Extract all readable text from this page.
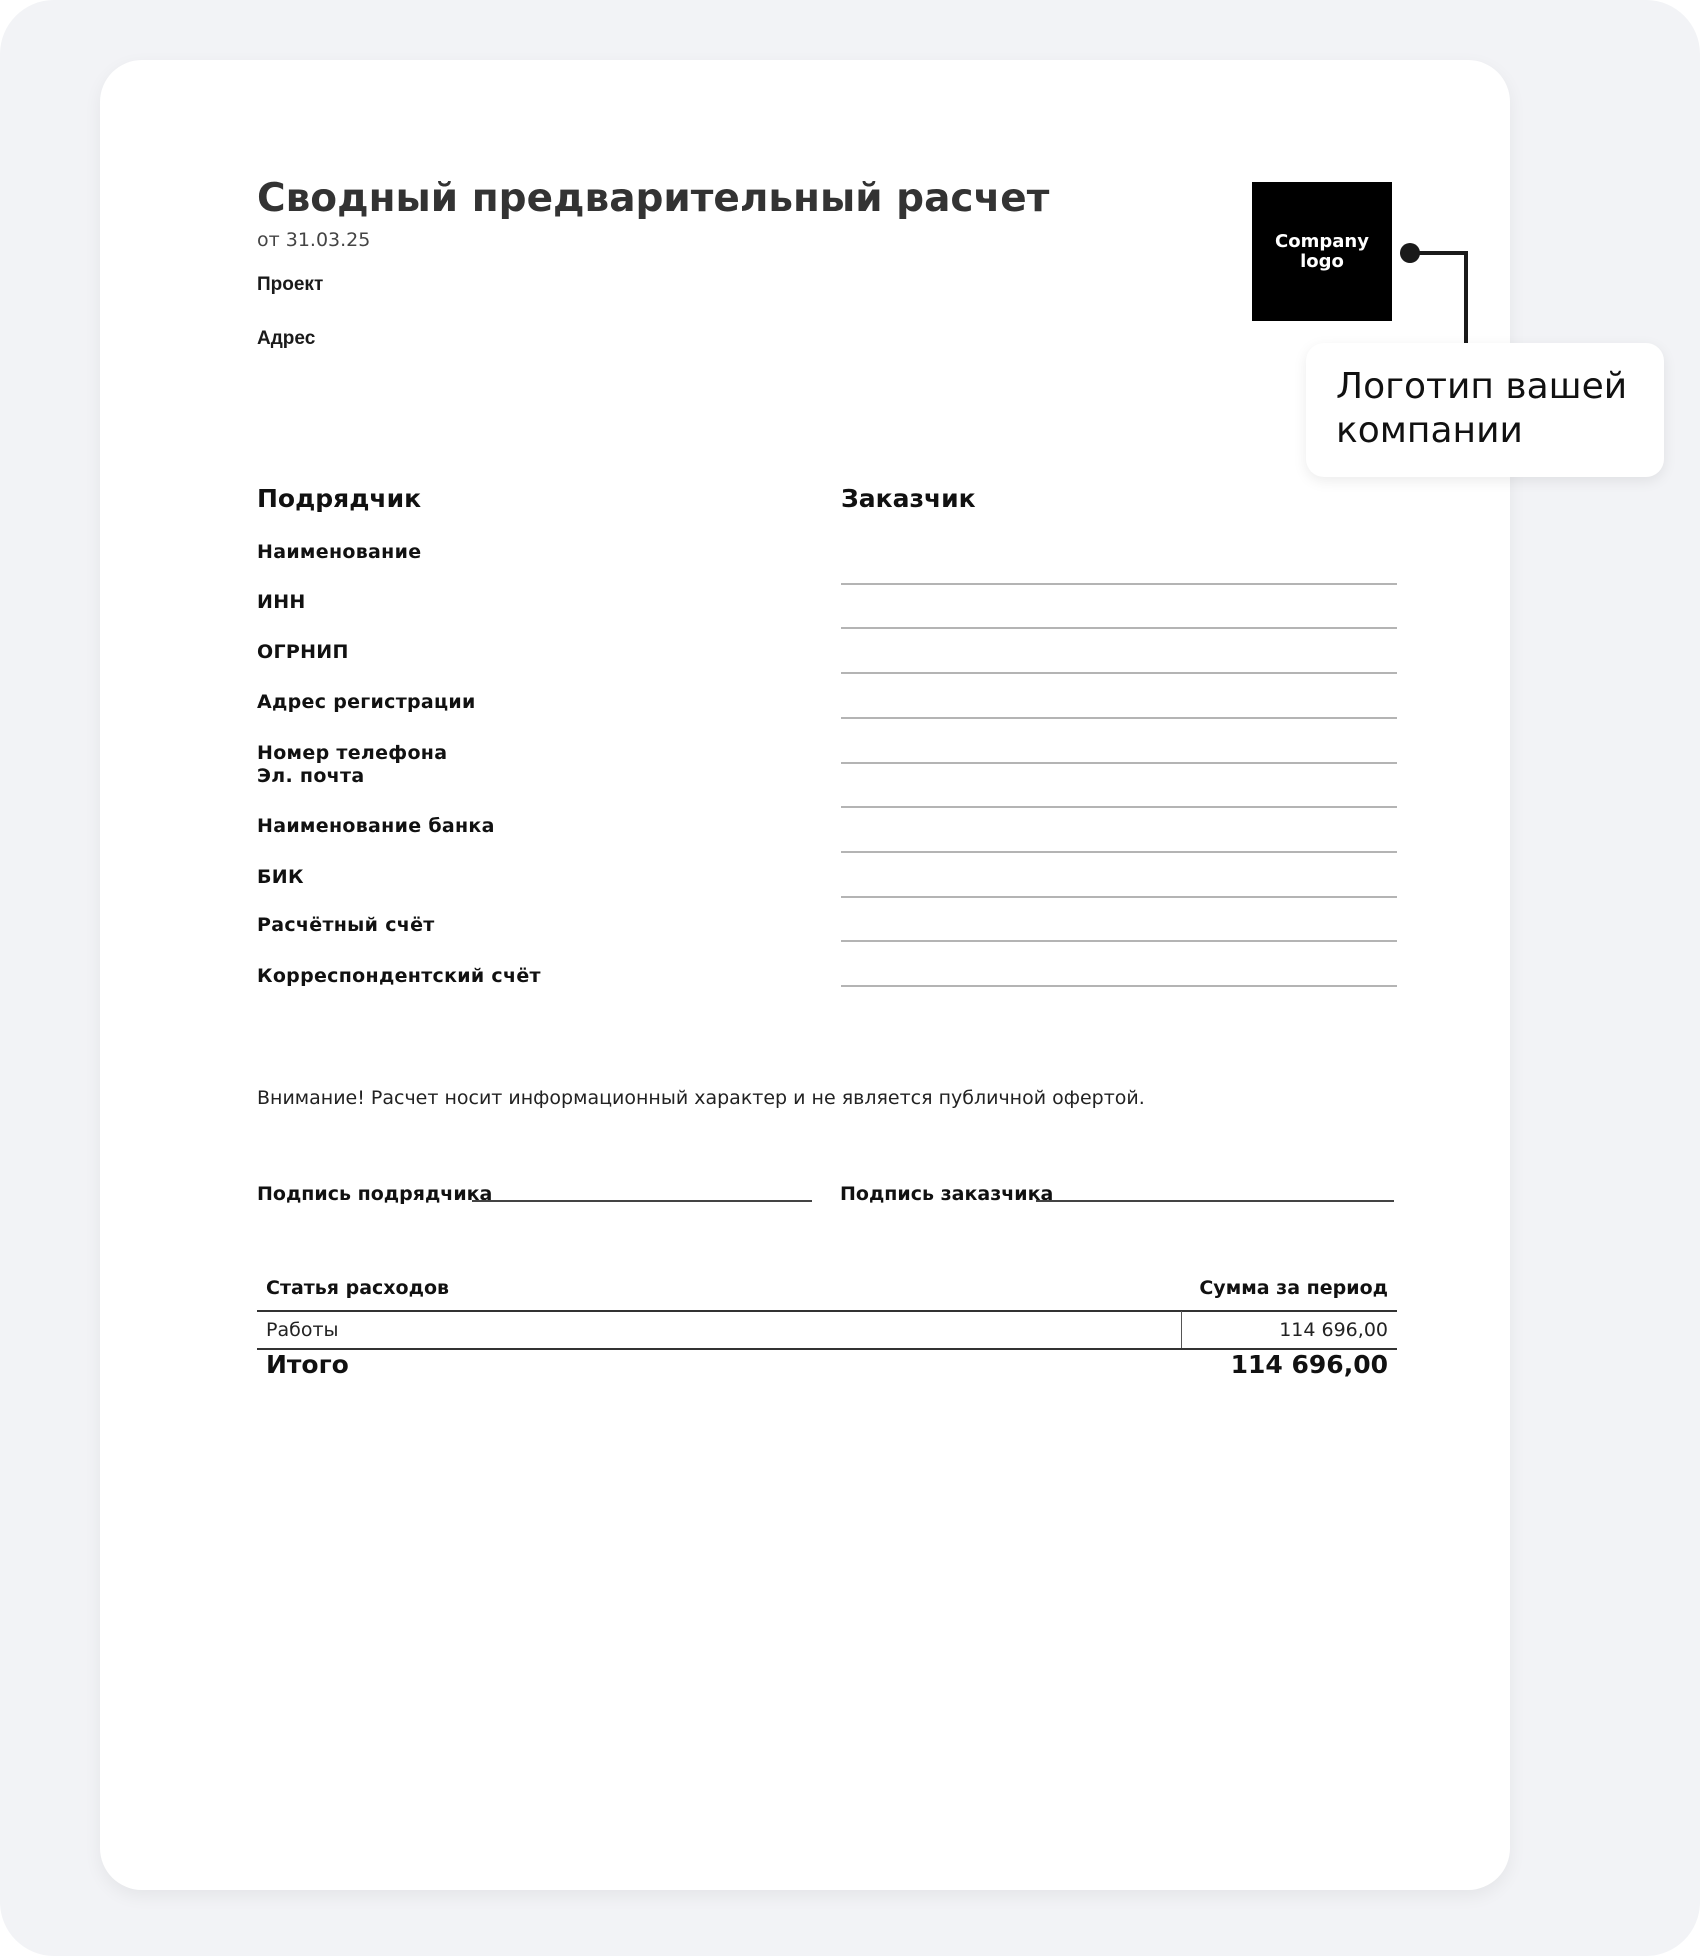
Сводный предварительный расчет
от 31.03.25
Проект
Адрес
Company logo
Логотип вашей компании
Подрядчик	Заказчик
Наименование
ИНН
ОГРНИП
Адрес регистрации
Номер телефона
Эл. почта
Наименование банка
БИК
Расчётный счёт
Корреспондентский счёт
Внимание! Расчет носит информационный характер и не является публичной офертой.
Подпись подрядчика	Подпись заказчика
Статья расходов	Сумма за период
Работы	114 696,00
Итого	114 696,00
